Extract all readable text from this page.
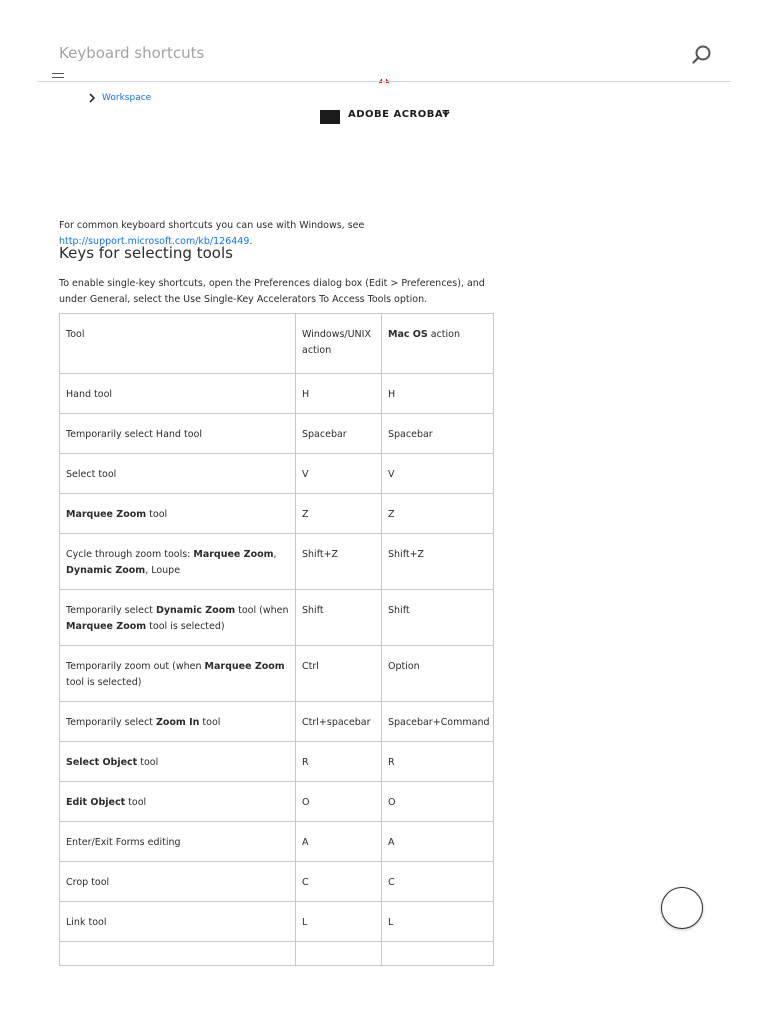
Keyboard shortcuts
Workspace
ADOBE ACROBAT

For common keyboard shortcuts you can use with Windows, see
http://support.microsoft.com/kb/126449.

Keys for selecting tools

To enable single-key shortcuts, open the Preferences dialog box (Edit > Preferences), and under General, select the Use Single-Key Accelerators To Access Tools option.

Tool	Windows/UNIX action	Mac OS action
Hand tool	H	H
Temporarily select Hand tool	Spacebar	Spacebar
Select tool	V	V
Marquee Zoom tool	Z	Z
Cycle through zoom tools: Marquee Zoom, Dynamic Zoom, Loupe	Shift+Z	Shift+Z
Temporarily select Dynamic Zoom tool (when Marquee Zoom tool is selected)	Shift	Shift
Temporarily zoom out (when Marquee Zoom tool is selected)	Ctrl	Option
Temporarily select Zoom In tool	Ctrl+spacebar	Spacebar+Command
Select Object tool	R	R
Edit Object tool	O	O
Enter/Exit Forms editing	A	A
Crop tool	C	C
Link tool	L	L
